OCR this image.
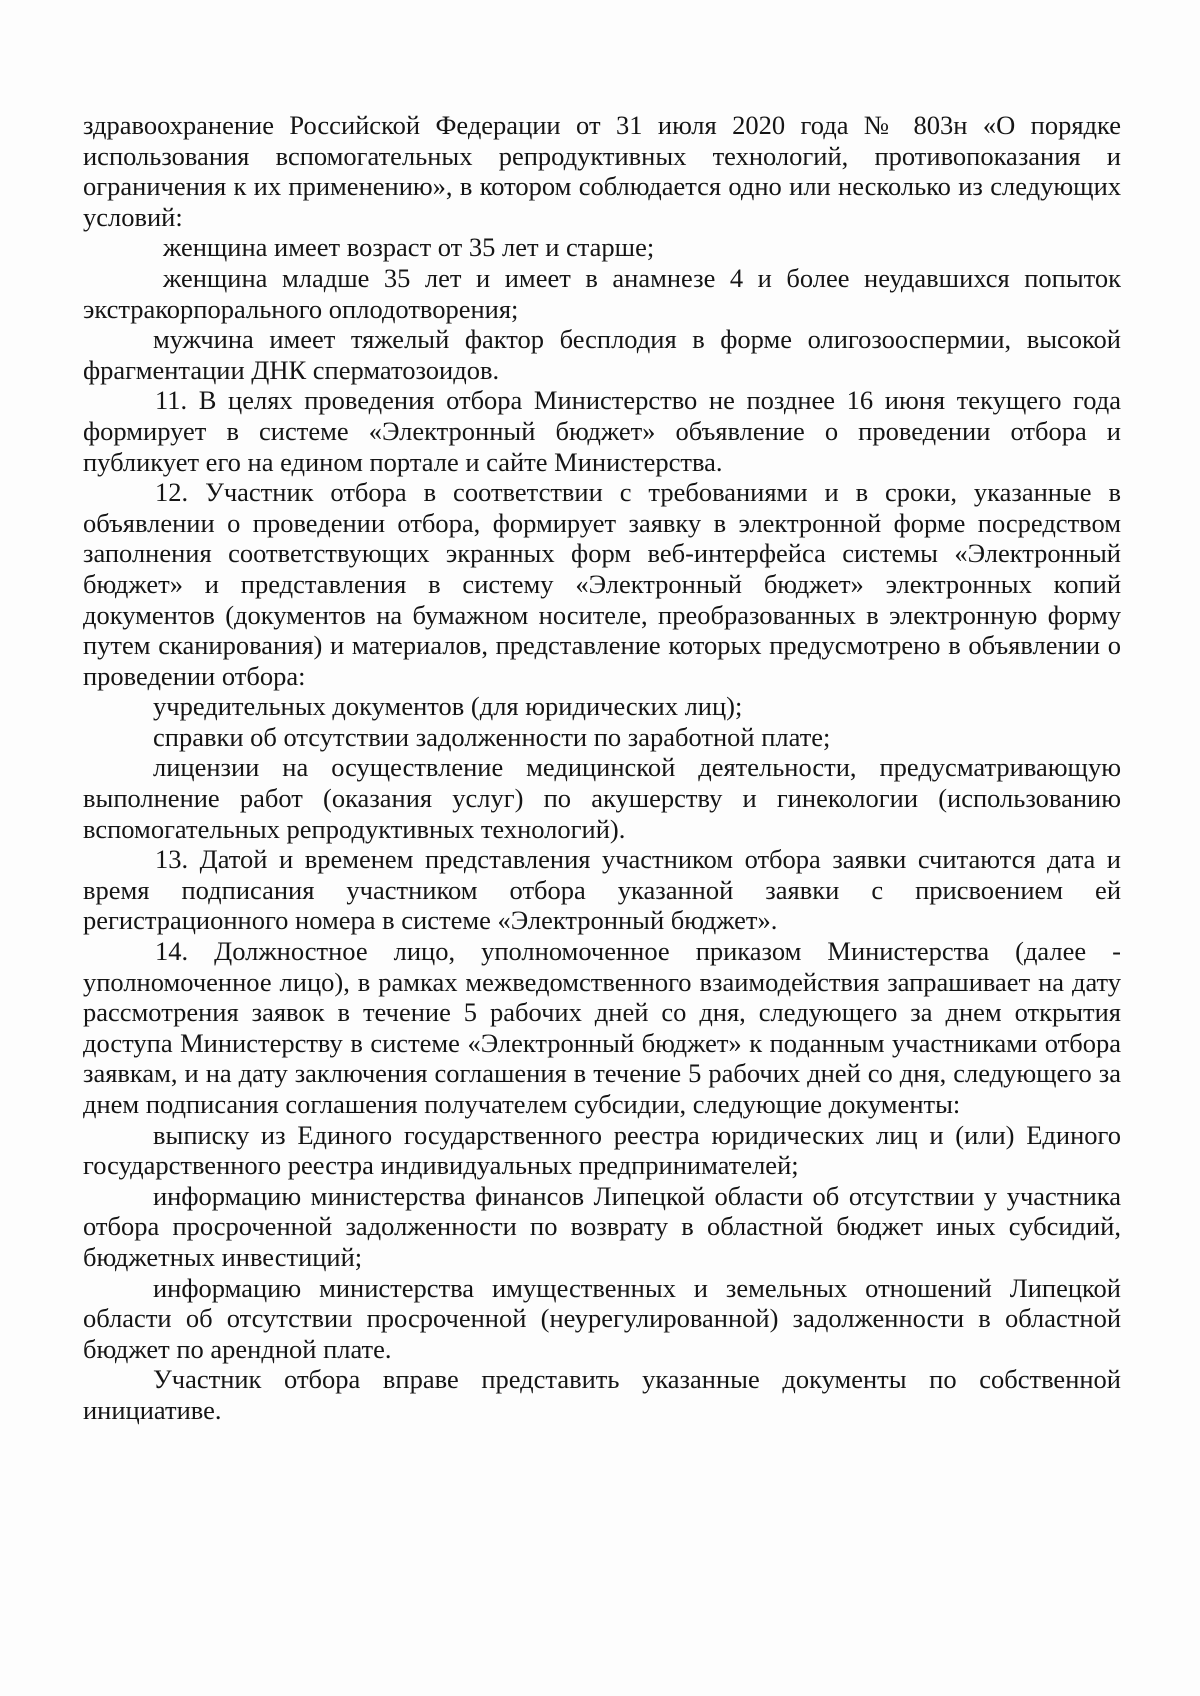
здравоохранение Российской Федерации от 31 июля 2020 года № 803н «О порядке использования вспомогательных репродуктивных технологий, противопоказания и ограничения к их применению», в котором соблюдается одно или несколько из следующих условий:

женщина имеет возраст от 35 лет и старше;

женщина младше 35 лет и имеет в анамнезе 4 и более неудавшихся попыток экстракорпорального оплодотворения;

мужчина имеет тяжелый фактор бесплодия в форме олигозооспермии, высокой фрагментации ДНК сперматозоидов.

11. В целях проведения отбора Министерство не позднее 16 июня текущего года формирует в системе «Электронный бюджет» объявление о проведении отбора и публикует его на едином портале и сайте Министерства.

12. Участник отбора в соответствии с требованиями и в сроки, указанные в объявлении о проведении отбора, формирует заявку в электронной форме посредством заполнения соответствующих экранных форм веб-интерфейса системы «Электронный бюджет» и представления в систему «Электронный бюджет» электронных копий документов (документов на бумажном носителе, преобразованных в электронную форму путем сканирования) и материалов, представление которых предусмотрено в объявлении о проведении отбора:

учредительных документов (для юридических лиц);

справки об отсутствии задолженности по заработной плате;

лицензии на осуществление медицинской деятельности, предусматривающую выполнение работ (оказания услуг) по акушерству и гинекологии (использованию вспомогательных репродуктивных технологий).

13. Датой и временем представления участником отбора заявки считаются дата и время подписания участником отбора указанной заявки с присвоением ей регистрационного номера в системе «Электронный бюджет».

14. Должностное лицо, уполномоченное приказом Министерства (далее - уполномоченное лицо), в рамках межведомственного взаимодействия запрашивает на дату рассмотрения заявок в течение 5 рабочих дней со дня, следующего за днем открытия доступа Министерству в системе «Электронный бюджет» к поданным участниками отбора заявкам, и на дату заключения соглашения в течение 5 рабочих дней со дня, следующего за днем подписания соглашения получателем субсидии, следующие документы:

выписку из Единого государственного реестра юридических лиц и (или) Единого государственного реестра индивидуальных предпринимателей;

информацию министерства финансов Липецкой области об отсутствии у участника отбора просроченной задолженности по возврату в областной бюджет иных субсидий, бюджетных инвестиций;

информацию министерства имущественных и земельных отношений Липецкой области об отсутствии просроченной (неурегулированной) задолженности в областной бюджет по арендной плате.

Участник отбора вправе представить указанные документы по собственной инициативе.
